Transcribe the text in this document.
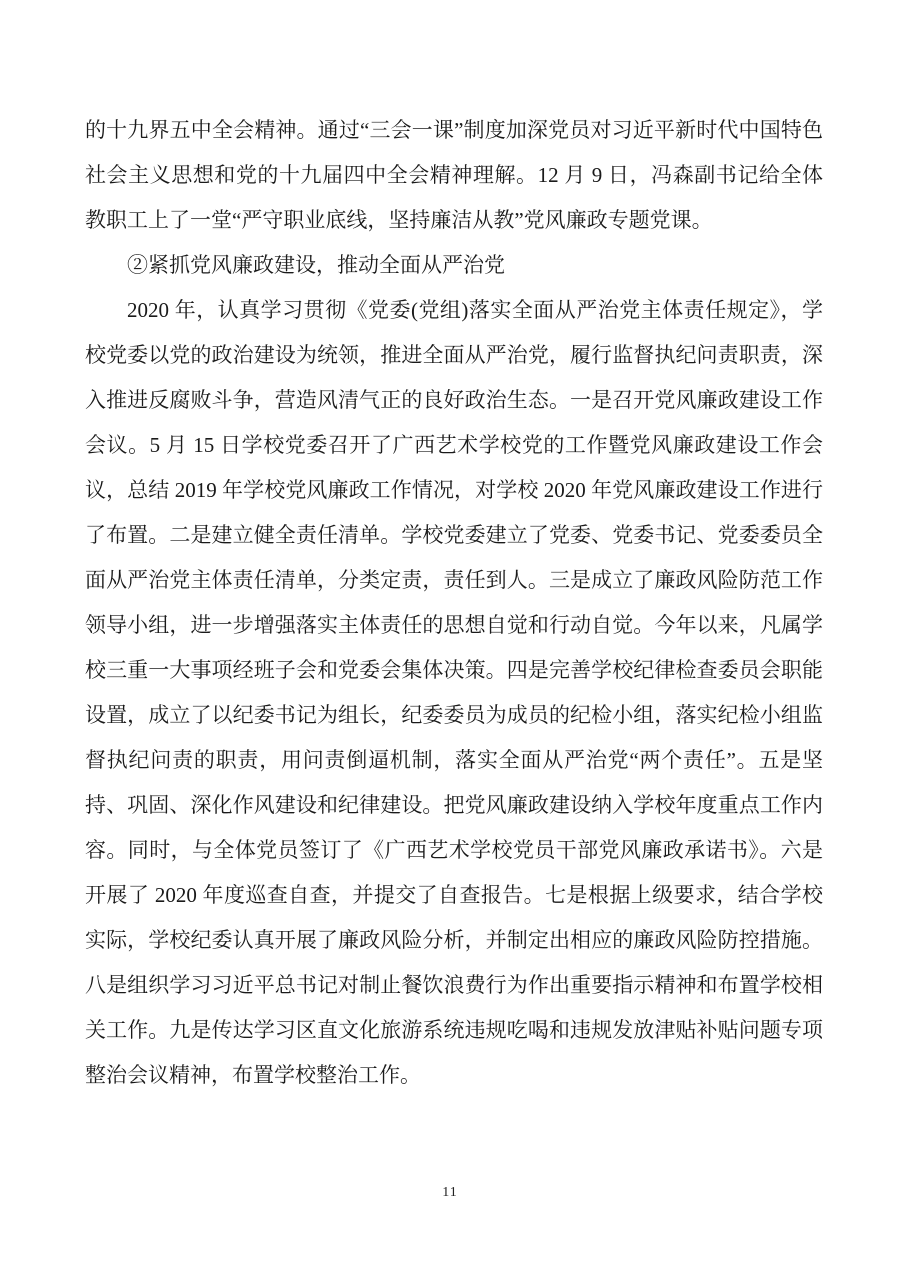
的十九界五中全会精神。通过“三会一课”制度加深党员对习近平新时代中国特色社会主义思想和党的十九届四中全会精神理解。12 月 9 日，冯森副书记给全体教职工上了一堂“严守职业底线，坚持廉洁从教”党风廉政专题党课。

②紧抓党风廉政建设，推动全面从严治党

2020 年，认真学习贯彻《党委(党组)落实全面从严治党主体责任规定》，学校党委以党的政治建设为统领，推进全面从严治党，履行监督执纪问责职责，深入推进反腐败斗争，营造风清气正的良好政治生态。一是召开党风廉政建设工作会议。5 月 15 日学校党委召开了广西艺术学校党的工作暨党风廉政建设工作会议，总结 2019 年学校党风廉政工作情况，对学校 2020 年党风廉政建设工作进行了布置。二是建立健全责任清单。学校党委建立了党委、党委书记、党委委员全面从严治党主体责任清单，分类定责，责任到人。三是成立了廉政风险防范工作领导小组，进一步增强落实主体责任的思想自觉和行动自觉。今年以来，凡属学校三重一大事项经班子会和党委会集体决策。四是完善学校纪律检查委员会职能设置，成立了以纪委书记为组长，纪委委员为成员的纪检小组，落实纪检小组监督执纪问责的职责，用问责倒逼机制，落实全面从严治党“两个责任”。五是坚持、巩固、深化作风建设和纪律建设。把党风廉政建设纳入学校年度重点工作内容。同时，与全体党员签订了《广西艺术学校党员干部党风廉政承诺书》。六是开展了 2020 年度巡查自查，并提交了自查报告。七是根据上级要求，结合学校实际，学校纪委认真开展了廉政风险分析，并制定出相应的廉政风险防控措施。八是组织学习习近平总书记对制止餐饮浪费行为作出重要指示精神和布置学校相关工作。九是传达学习区直文化旅游系统违规吃喝和违规发放津贴补贴问题专项整治会议精神，布置学校整治工作。

11
